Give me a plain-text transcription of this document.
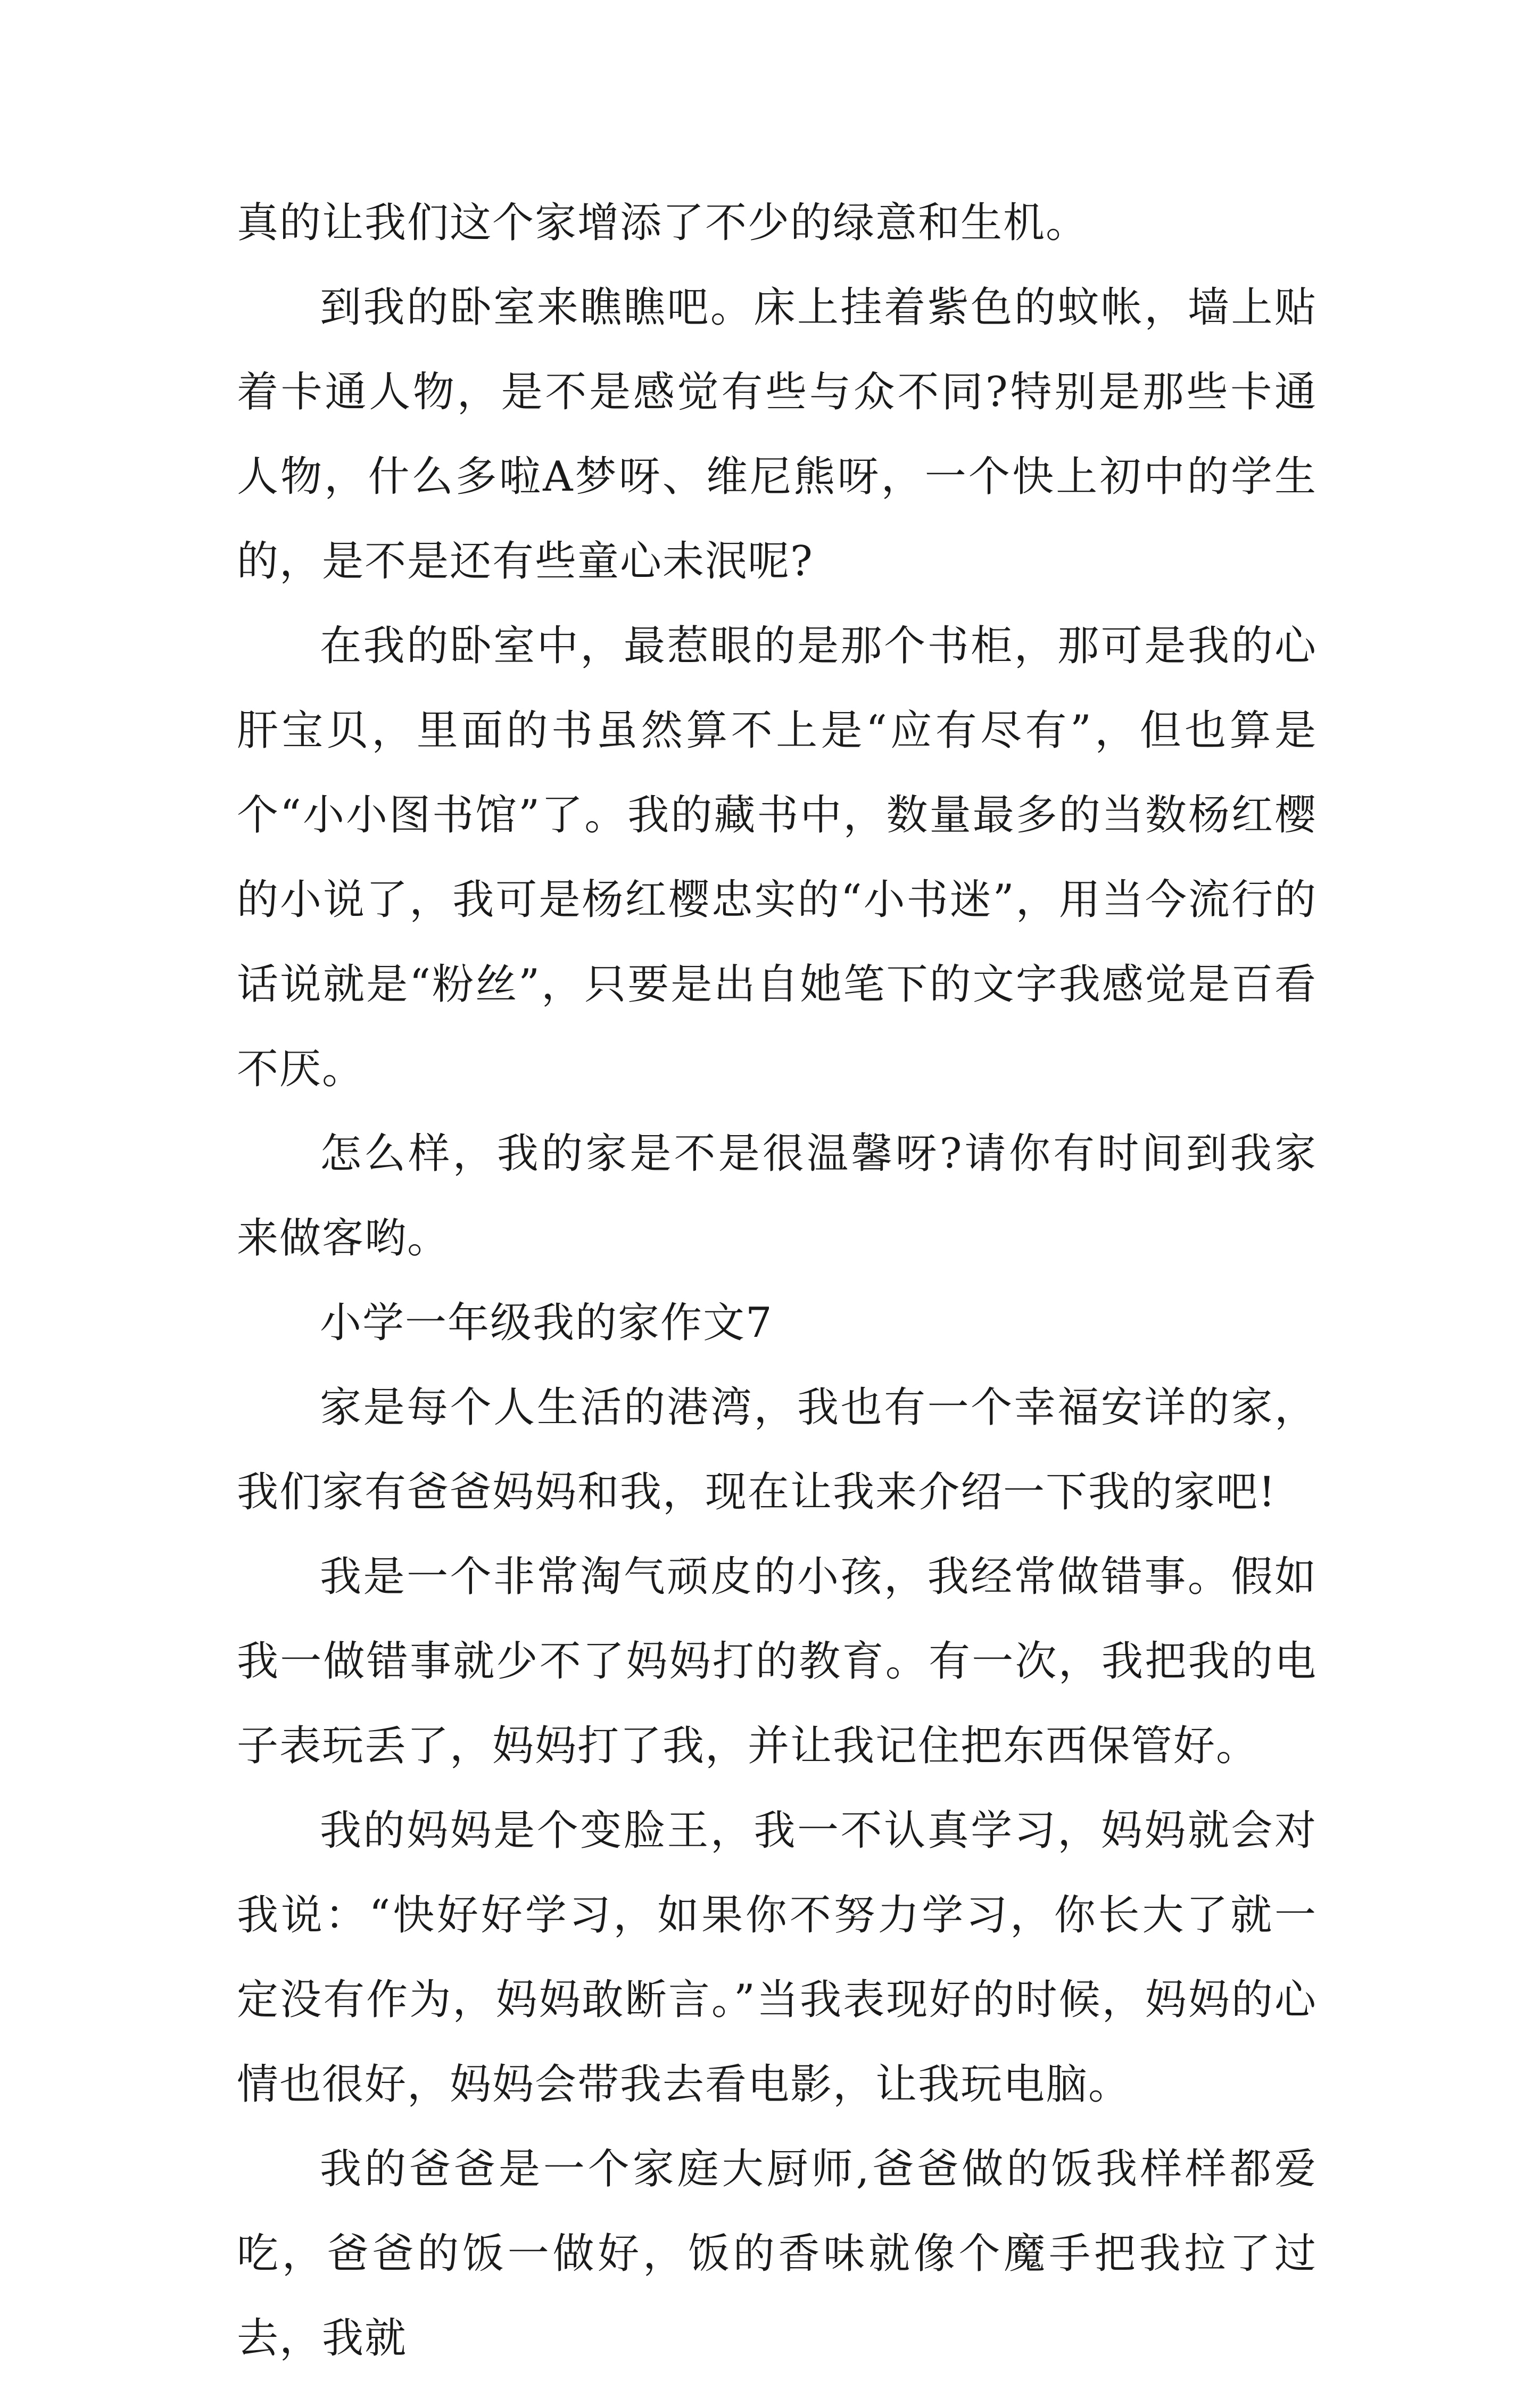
真的让我们这个家增添了不少的绿意和生机。

到我的卧室来瞧瞧吧。床上挂着紫色的蚊帐，墙上贴着卡通人物，是不是感觉有些与众不同?特别是那些卡通人物，什么多啦A梦呀、维尼熊呀，一个快上初中的学生的，是不是还有些童心未泯呢?

在我的卧室中，最惹眼的是那个书柜，那可是我的心肝宝贝，里面的书虽然算不上是“应有尽有”，但也算是个“小小图书馆”了。我的藏书中，数量最多的当数杨红樱的小说了，我可是杨红樱忠实的“小书迷”，用当今流行的话说就是“粉丝”，只要是出自她笔下的文字我感觉是百看不厌。

怎么样，我的家是不是很温馨呀?请你有时间到我家来做客哟。

小学一年级我的家作文7

家是每个人生活的港湾，我也有一个幸福安详的家，我们家有爸爸妈妈和我，现在让我来介绍一下我的家吧!

我是一个非常淘气顽皮的小孩，我经常做错事。假如我一做错事就少不了妈妈打的教育。有一次，我把我的电子表玩丢了，妈妈打了我，并让我记住把东西保管好。

我的妈妈是个变脸王，我一不认真学习，妈妈就会对我说：“快好好学习，如果你不努力学习，你长大了就一定没有作为，妈妈敢断言。”当我表现好的时候，妈妈的心情也很好，妈妈会带我去看电影，让我玩电脑。

我的爸爸是一个家庭大厨师,爸爸做的饭我样样都爱吃，爸爸的饭一做好，饭的香味就像个魔手把我拉了过去，我就
